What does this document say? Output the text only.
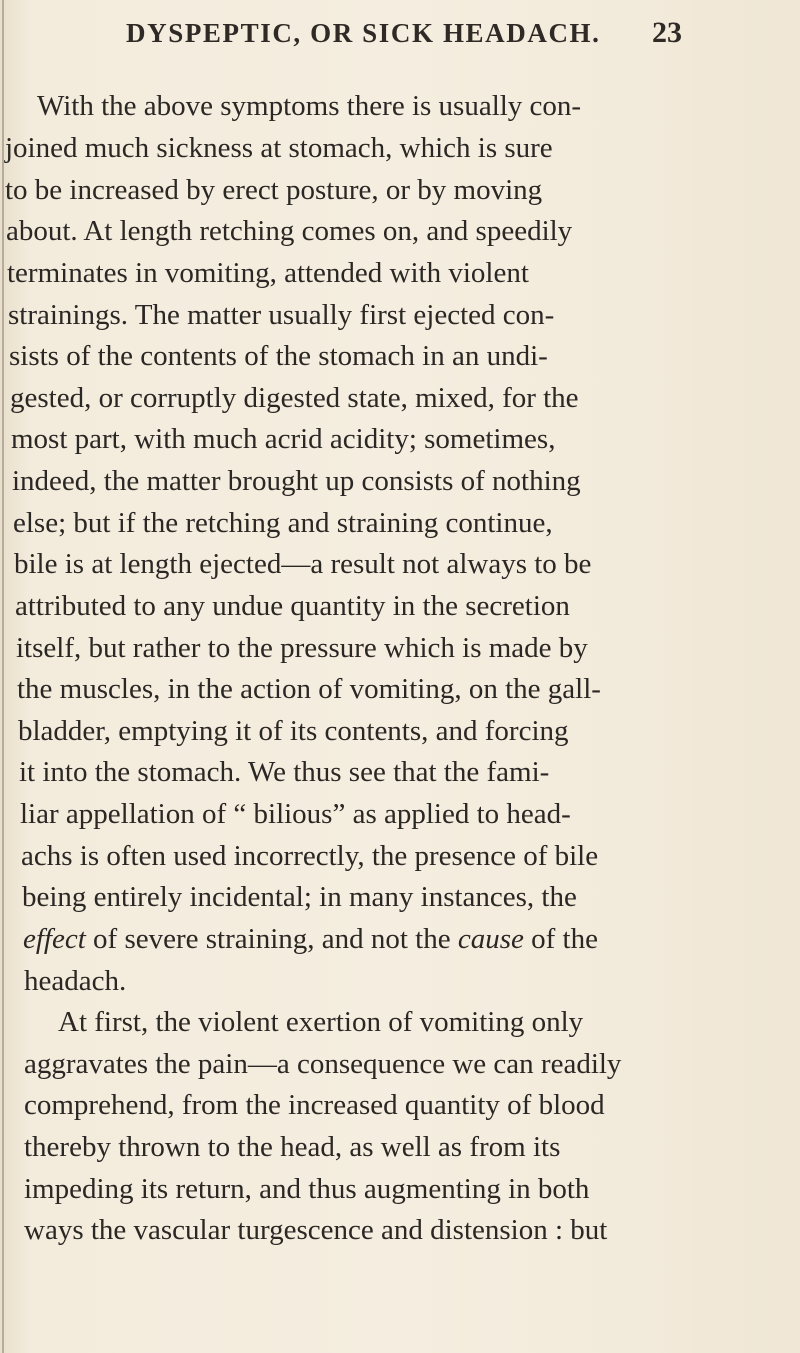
DYSPEPTIC, OR SICK HEADACH. 23
With the above symptoms there is usually con-
joined much sickness at stomach, which is sure
to be increased by erect posture, or by moving
about. At length retching comes on, and speedily
terminates in vomiting, attended with violent
strainings. The matter usually first ejected con-
sists of the contents of the stomach in an undi-
gested, or corruptly digested state, mixed, for the
most part, with much acrid acidity; sometimes,
indeed, the matter brought up consists of nothing
else; but if the retching and straining continue,
bile is at length ejected—a result not always to be
attributed to any undue quantity in the secretion
itself, but rather to the pressure which is made by
the muscles, in the action of vomiting, on the gall-
bladder, emptying it of its contents, and forcing
it into the stomach. We thus see that the fami-
liar appellation of “ bilious” as applied to head-
achs is often used incorrectly, the presence of bile
being entirely incidental; in many instances, the
effect of severe straining, and not the cause of the
headach.
At first, the violent exertion of vomiting only
aggravates the pain—a consequence we can readily
comprehend, from the increased quantity of blood
thereby thrown to the head, as well as from its
impeding its return, and thus augmenting in both
ways the vascular turgescence and distension : but
